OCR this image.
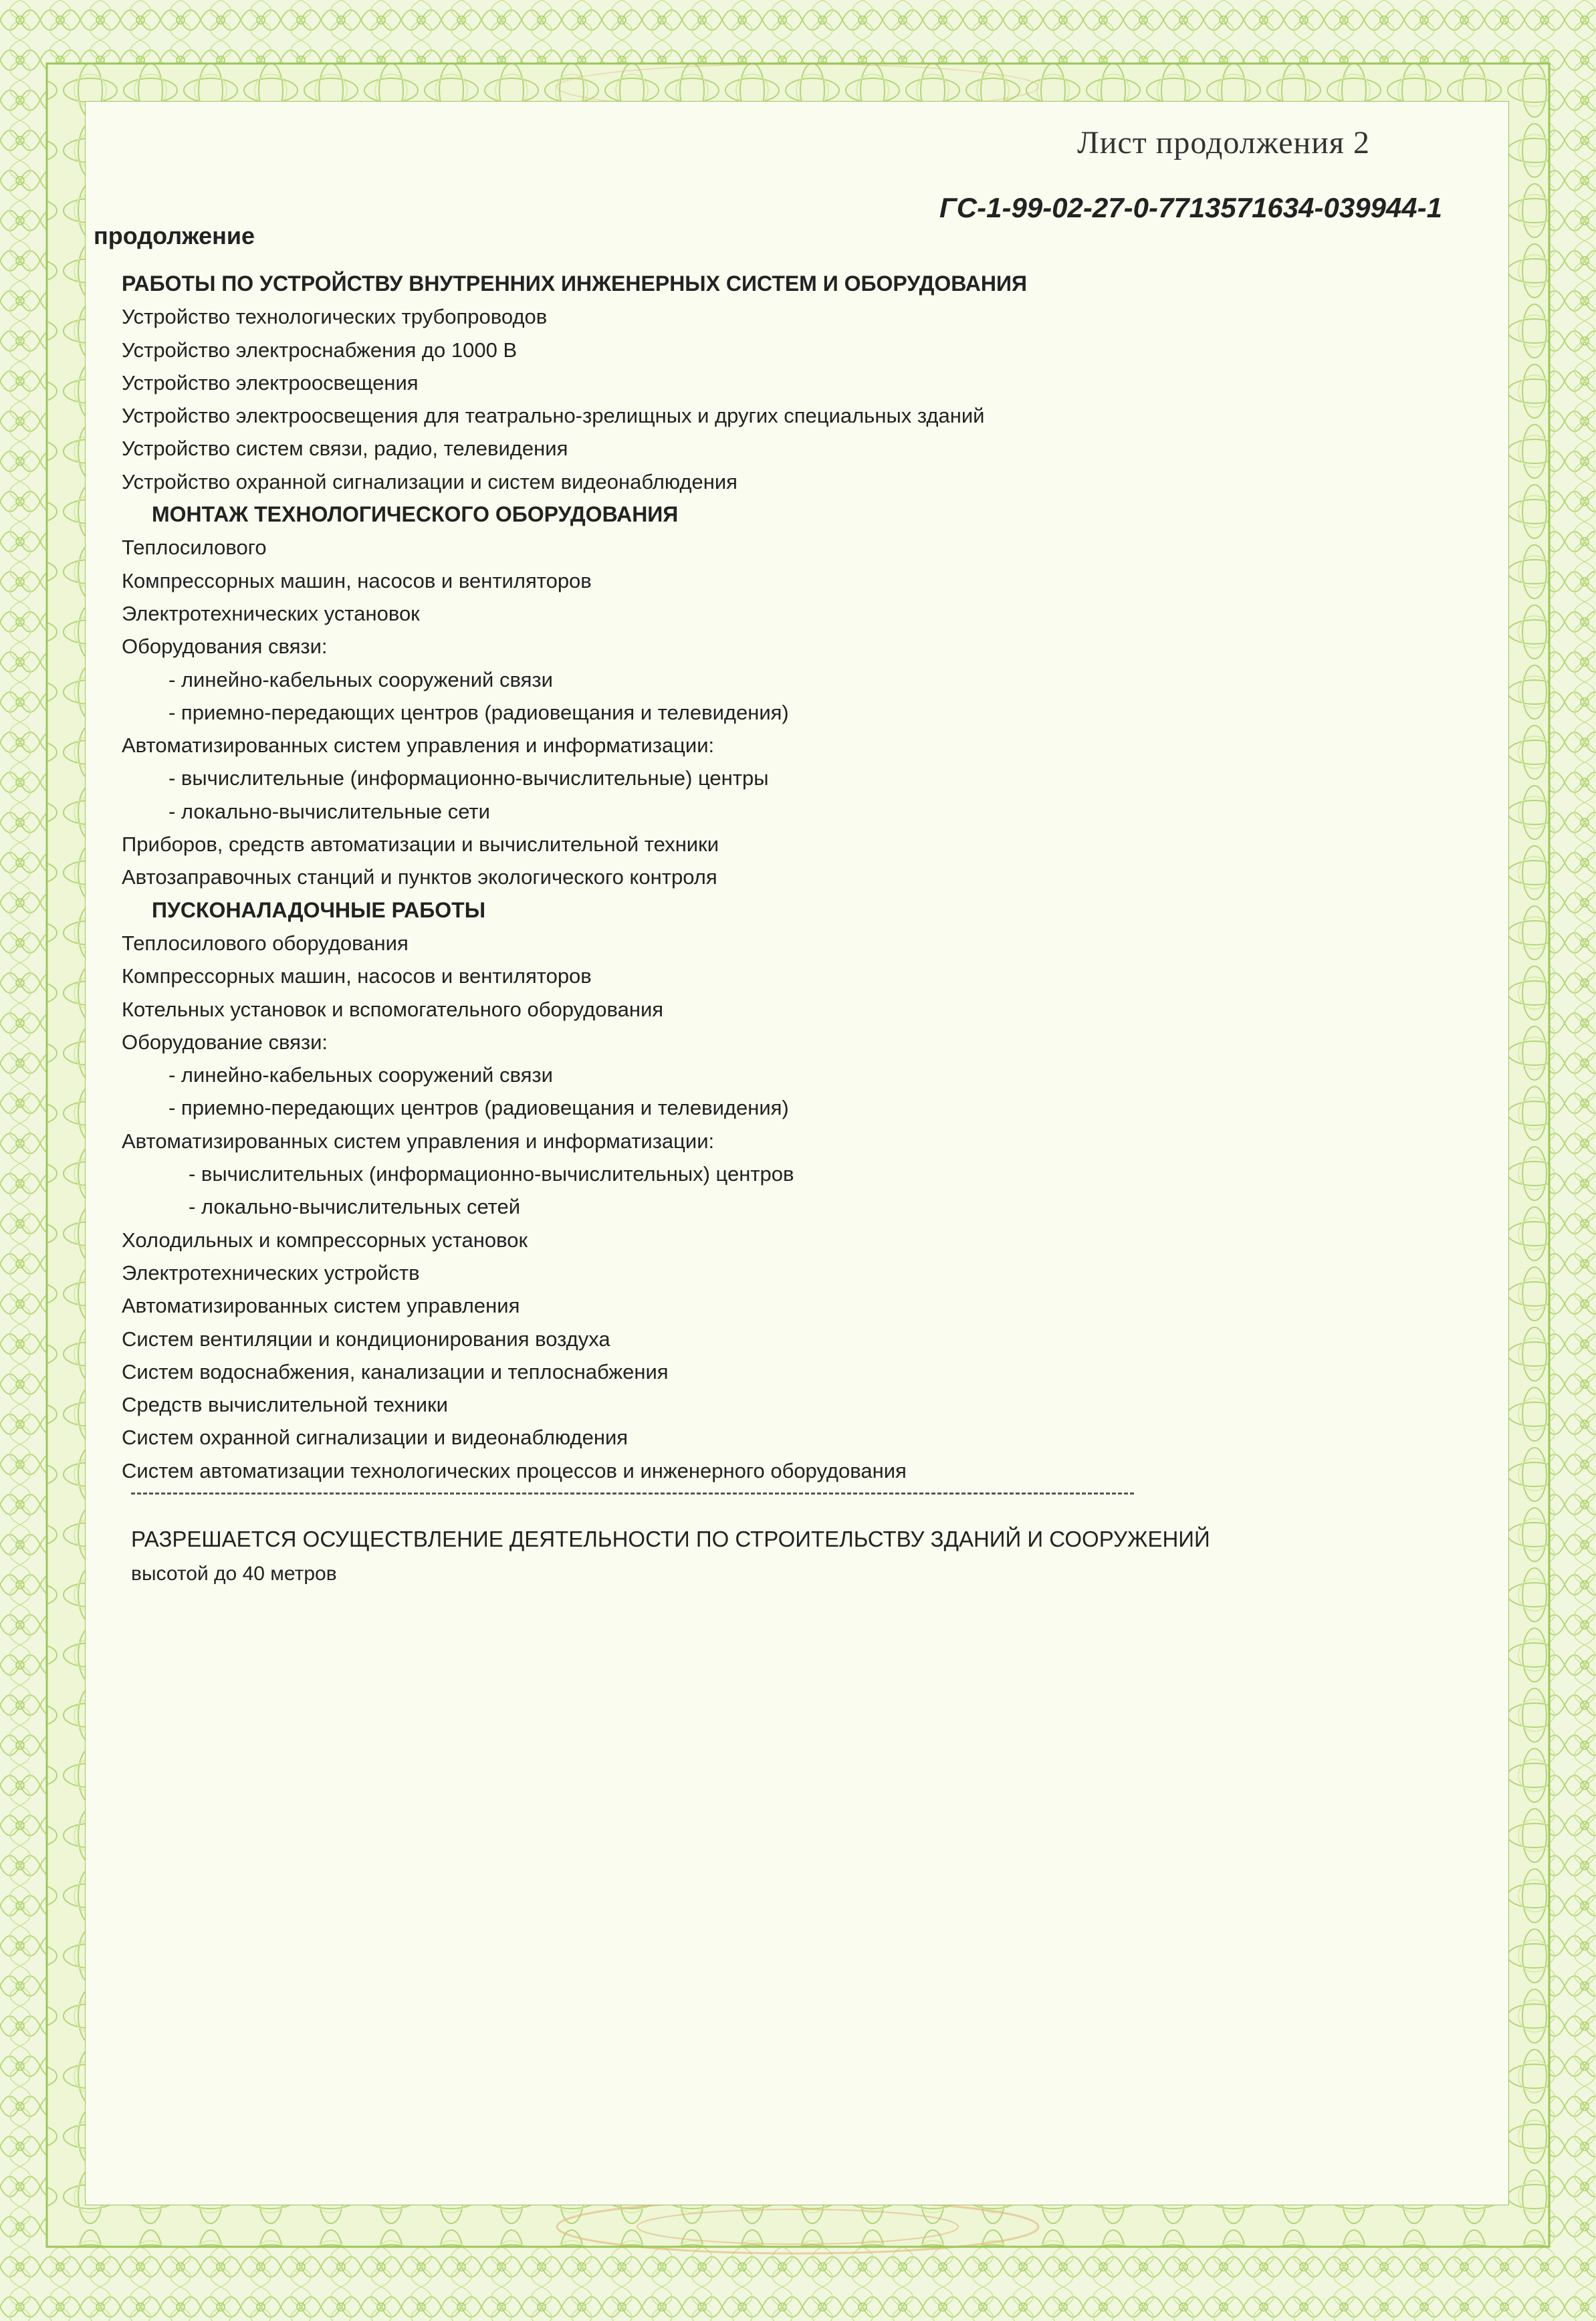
Лист продолжения 2
ГС-1-99-02-27-0-7713571634-039944-1
продолжение
РАБОТЫ ПО УСТРОЙСТВУ ВНУТРЕННИХ ИНЖЕНЕРНЫХ СИСТЕМ И ОБОРУДОВАНИЯ
Устройство технологических трубопроводов
Устройство электроснабжения до 1000 В
Устройство электроосвещения
Устройство электроосвещения для театрально-зрелищных и других специальных зданий
Устройство систем связи, радио, телевидения
Устройство охранной сигнализации и систем видеонаблюдения
МОНТАЖ ТЕХНОЛОГИЧЕСКОГО ОБОРУДОВАНИЯ
Теплосилового
Компрессорных машин, насосов и вентиляторов
Электротехнических установок
Оборудования связи:
- линейно-кабельных сооружений связи
- приемно-передающих центров (радиовещания и телевидения)
Автоматизированных систем управления и информатизации:
- вычислительные (информационно-вычислительные) центры
- локально-вычислительные сети
Приборов, средств автоматизации и вычислительной техники
Автозаправочных станций и пунктов экологического контроля
ПУСКОНАЛАДОЧНЫЕ РАБОТЫ
Теплосилового оборудования
Компрессорных машин, насосов и вентиляторов
Котельных установок и вспомогательного оборудования
Оборудование связи:
- линейно-кабельных сооружений связи
- приемно-передающих центров (радиовещания и телевидения)
Автоматизированных систем управления и информатизации:
- вычислительных (информационно-вычислительных) центров
- локально-вычислительных сетей
Холодильных и компрессорных установок
Электротехнических устройств
Автоматизированных систем управления
Систем вентиляции и кондиционирования воздуха
Систем водоснабжения, канализации и теплоснабжения
Средств вычислительной техники
Систем охранной сигнализации и видеонаблюдения
Систем автоматизации технологических процессов и инженерного оборудования
РАЗРЕШАЕТСЯ ОСУЩЕСТВЛЕНИЕ ДЕЯТЕЛЬНОСТИ ПО СТРОИТЕЛЬСТВУ ЗДАНИЙ И СООРУЖЕНИЙ
высотой до 40 метров
